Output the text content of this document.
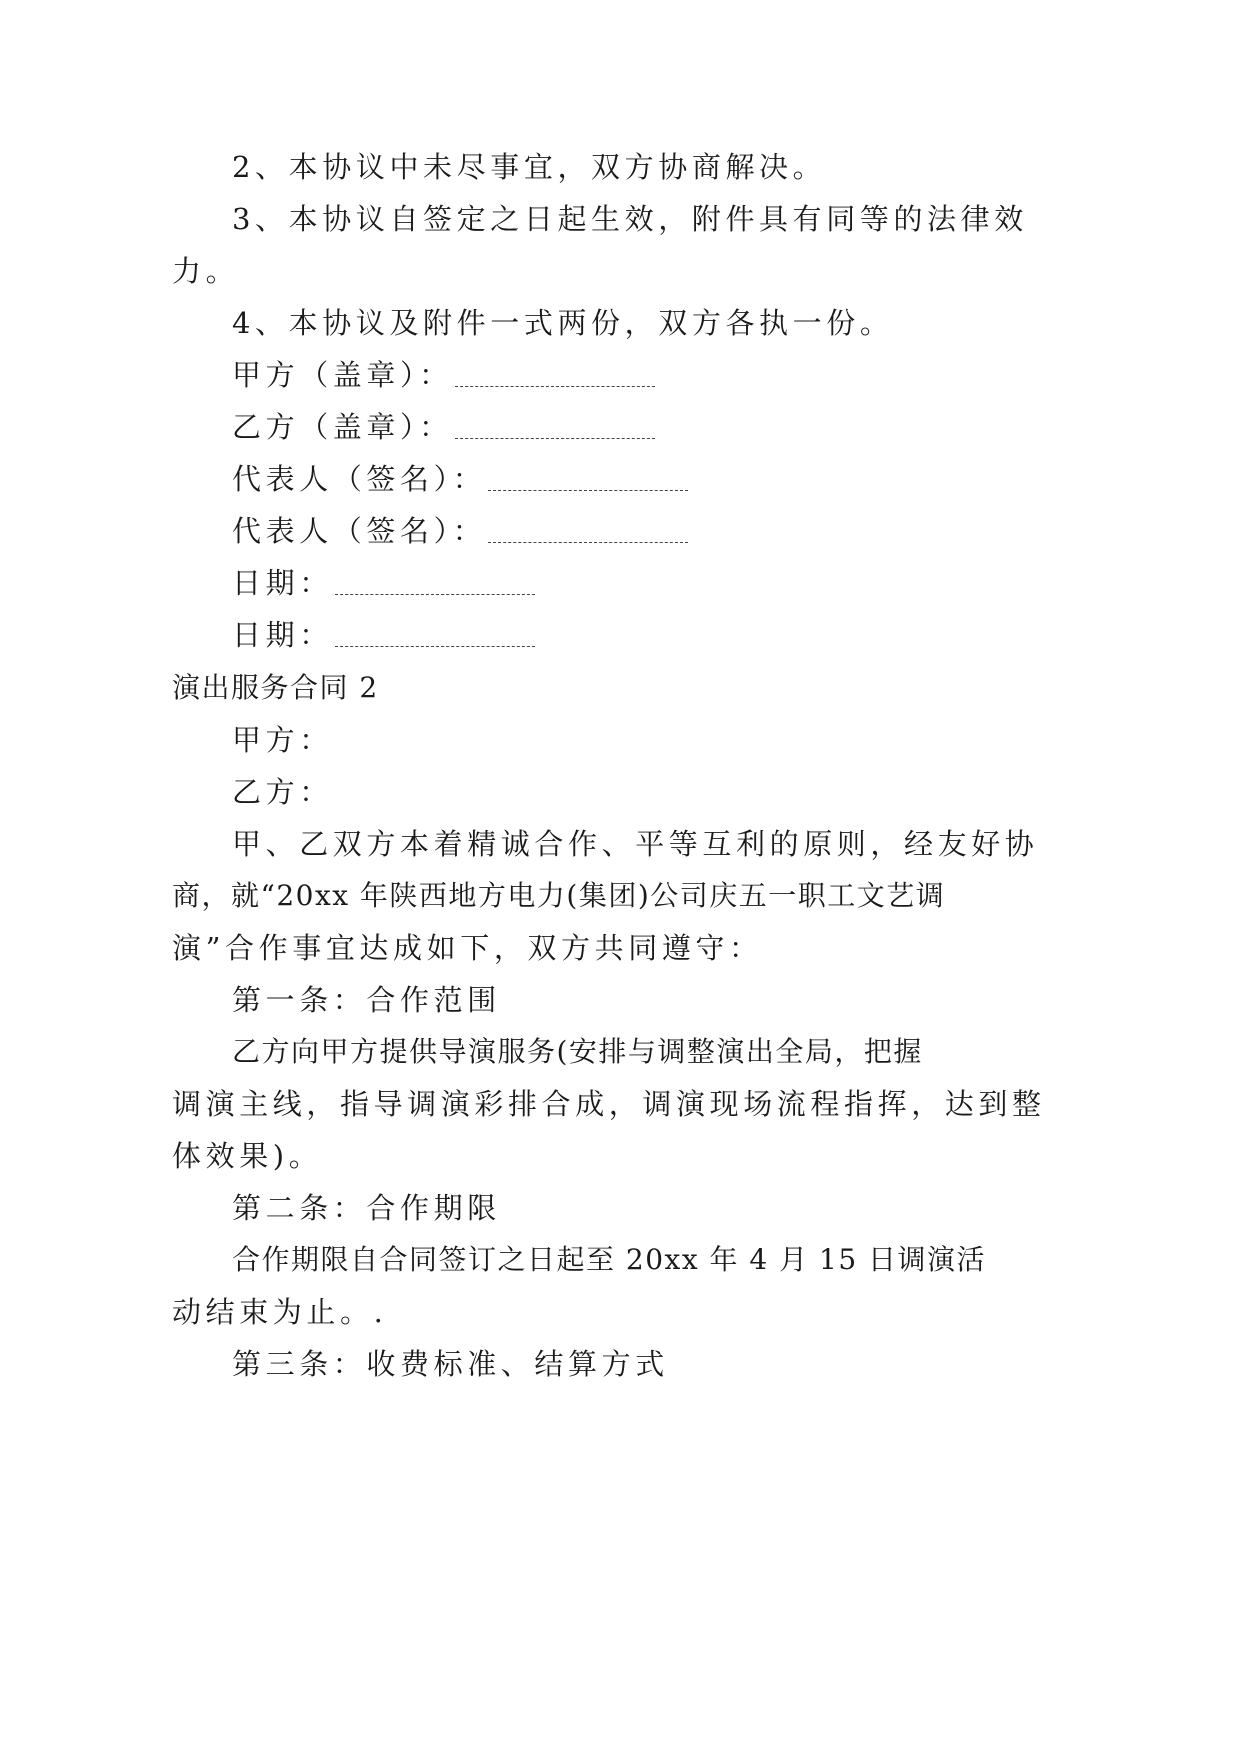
2、本协议中未尽事宜，双方协商解决。
3、本协议自签定之日起生效，附件具有同等的法律效
力。
4、本协议及附件一式两份，双方各执一份。
甲方（盖章）：
乙方（盖章）：
代表人（签名）：
代表人（签名）：
日期：
日期：
演出服务合同 2
甲方：
乙方：
甲、乙双方本着精诚合作、平等互利的原则，经友好协
商，就“20xx 年陕西地方电力(集团)公司庆五一职工文艺调
演”合作事宜达成如下，双方共同遵守：
第一条：合作范围
乙方向甲方提供导演服务(安排与调整演出全局，把握
调演主线，指导调演彩排合成，调演现场流程指挥，达到整
体效果)。
第二条：合作期限
合作期限自合同签订之日起至 20xx 年 4 月 15 日调演活
动结束为止。.
第三条：收费标准、结算方式
